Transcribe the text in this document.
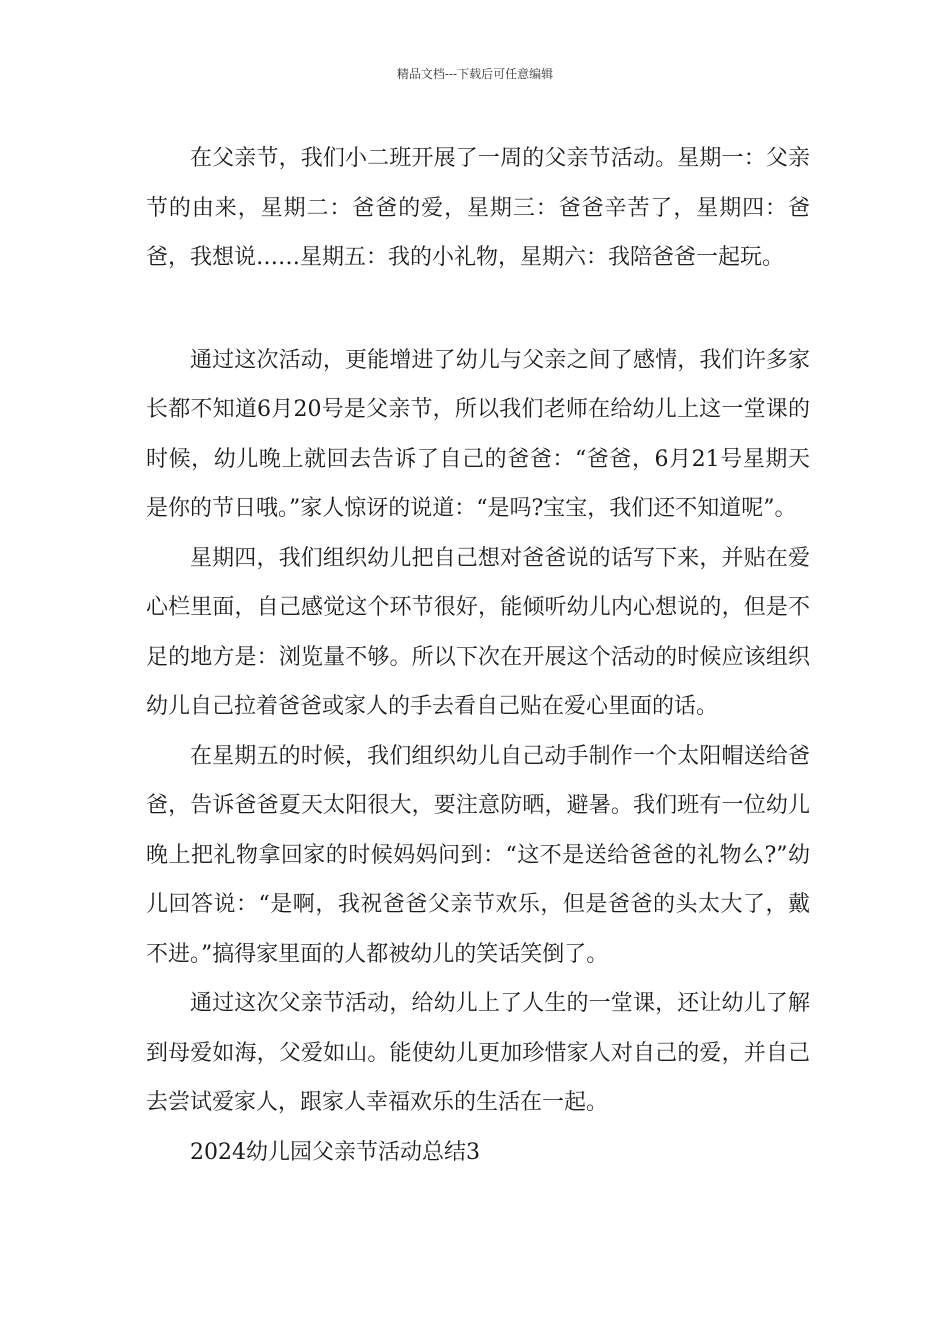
精品文档---下载后可任意编辑

在父亲节，我们小二班开展了一周的父亲节活动。星期一：父亲节的由来，星期二：爸爸的爱，星期三：爸爸辛苦了，星期四：爸爸，我想说……星期五：我的小礼物，星期六：我陪爸爸一起玩。

通过这次活动，更能增进了幼儿与父亲之间了感情，我们许多家长都不知道6月20号是父亲节，所以我们老师在给幼儿上这一堂课的时候，幼儿晚上就回去告诉了自己的爸爸：“爸爸，6月21号星期天是你的节日哦。”家人惊讶的说道：“是吗?宝宝，我们还不知道呢”。

星期四，我们组织幼儿把自己想对爸爸说的话写下来，并贴在爱心栏里面，自己感觉这个环节很好，能倾听幼儿内心想说的，但是不足的地方是：浏览量不够。所以下次在开展这个活动的时候应该组织幼儿自己拉着爸爸或家人的手去看自己贴在爱心里面的话。

在星期五的时候，我们组织幼儿自己动手制作一个太阳帽送给爸爸，告诉爸爸夏天太阳很大，要注意防晒，避暑。我们班有一位幼儿晚上把礼物拿回家的时候妈妈问到：“这不是送给爸爸的礼物么?”幼儿回答说：“是啊，我祝爸爸父亲节欢乐，但是爸爸的头太大了，戴不进。”搞得家里面的人都被幼儿的笑话笑倒了。

通过这次父亲节活动，给幼儿上了人生的一堂课，还让幼儿了解到母爱如海，父爱如山。能使幼儿更加珍惜家人对自己的爱，并自己去尝试爱家人，跟家人幸福欢乐的生活在一起。

2024幼儿园父亲节活动总结3
